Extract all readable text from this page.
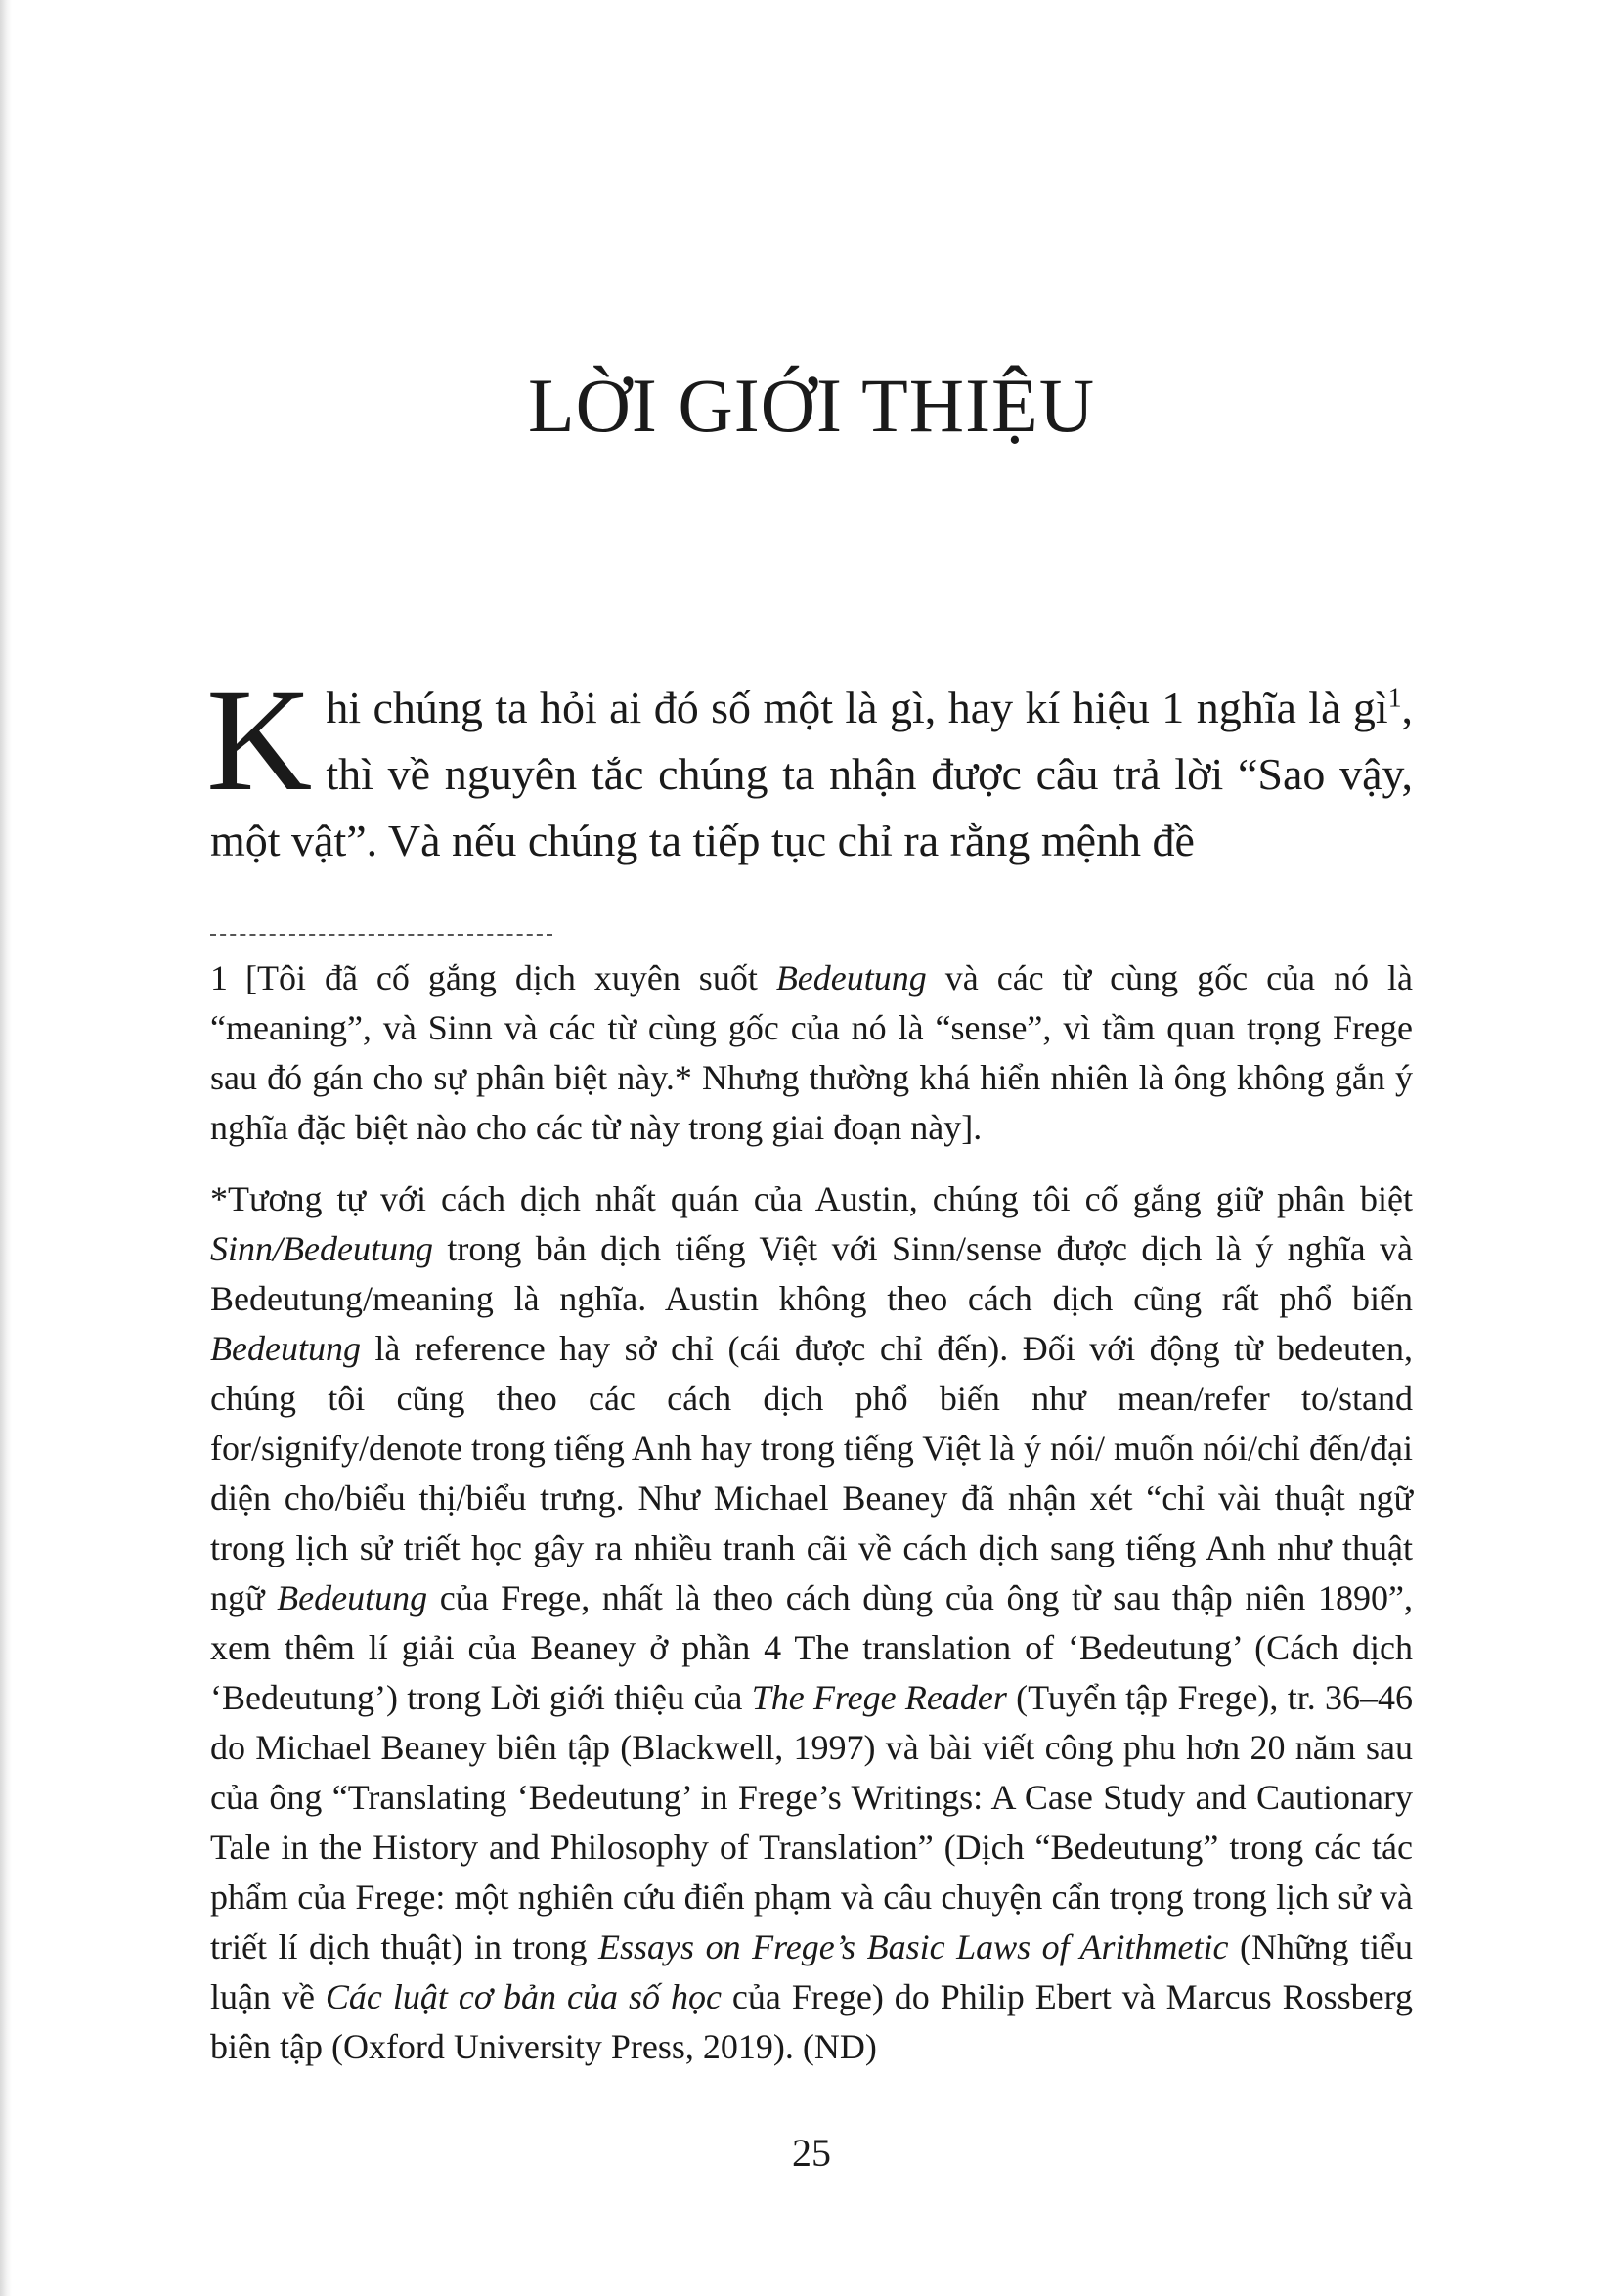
LỜI GIỚI THIỆU

Khi chúng ta hỏi ai đó số một là gì, hay kí hiệu 1 nghĩa là $gì^1$, thì về nguyên tắc chúng ta nhận được câu trả lời “Sao vậy, một vật”. Và nếu chúng ta tiếp tục chỉ ra rằng mệnh đề

1 [Tôi đã cố gắng dịch xuyên suốt Bedeutung và các từ cùng gốc của nó là “meaning”, và Sinn và các từ cùng gốc của nó là “sense”, vì tầm quan trọng Frege sau đó gán cho sự phân biệt này.* Nhưng thường khá hiển nhiên là ông không gắn ý nghĩa đặc biệt nào cho các từ này trong giai đoạn này].

*Tương tự với cách dịch nhất quán của Austin, chúng tôi cố gắng giữ phân biệt Sinn/Bedeutung trong bản dịch tiếng Việt với Sinn/sense được dịch là ý nghĩa và Bedeutung/meaning là nghĩa. Austin không theo cách dịch cũng rất phổ biến Bedeutung là reference hay sở chỉ (cái được chỉ đến). Đối với động từ bedeuten, chúng tôi cũng theo các cách dịch phổ biến như mean/refer to/stand for/signify/denote trong tiếng Anh hay trong tiếng Việt là ý nói/ muốn nói/chỉ đến/đại diện cho/biểu thị/biểu trưng. Như Michael Beaney đã nhận xét “chỉ vài thuật ngữ trong lịch sử triết học gây ra nhiều tranh cãi về cách dịch sang tiếng Anh như thuật ngữ Bedeutung của Frege, nhất là theo cách dùng của ông từ sau thập niên 1890”, xem thêm lí giải của Beaney ở phần 4 The translation of ‘Bedeutung’ (Cách dịch ‘Bedeutung’) trong Lời giới thiệu của The Frege Reader (Tuyển tập Frege), tr. 36–46 do Michael Beaney biên tập (Blackwell, 1997) và bài viết công phu hơn 20 năm sau của ông “Translating ‘Bedeutung’ in Frege’s Writings: A Case Study and Cautionary Tale in the History and Philosophy of Translation” (Dịch “Bedeutung” trong các tác phẩm của Frege: một nghiên cứu điển phạm và câu chuyện cẩn trọng trong lịch sử và triết lí dịch thuật) in trong Essays on Frege’s Basic Laws of Arithmetic (Những tiểu luận về Các luật cơ bản của số học của Frege) do Philip Ebert và Marcus Rossberg biên tập (Oxford University Press, 2019). (ND)

25
